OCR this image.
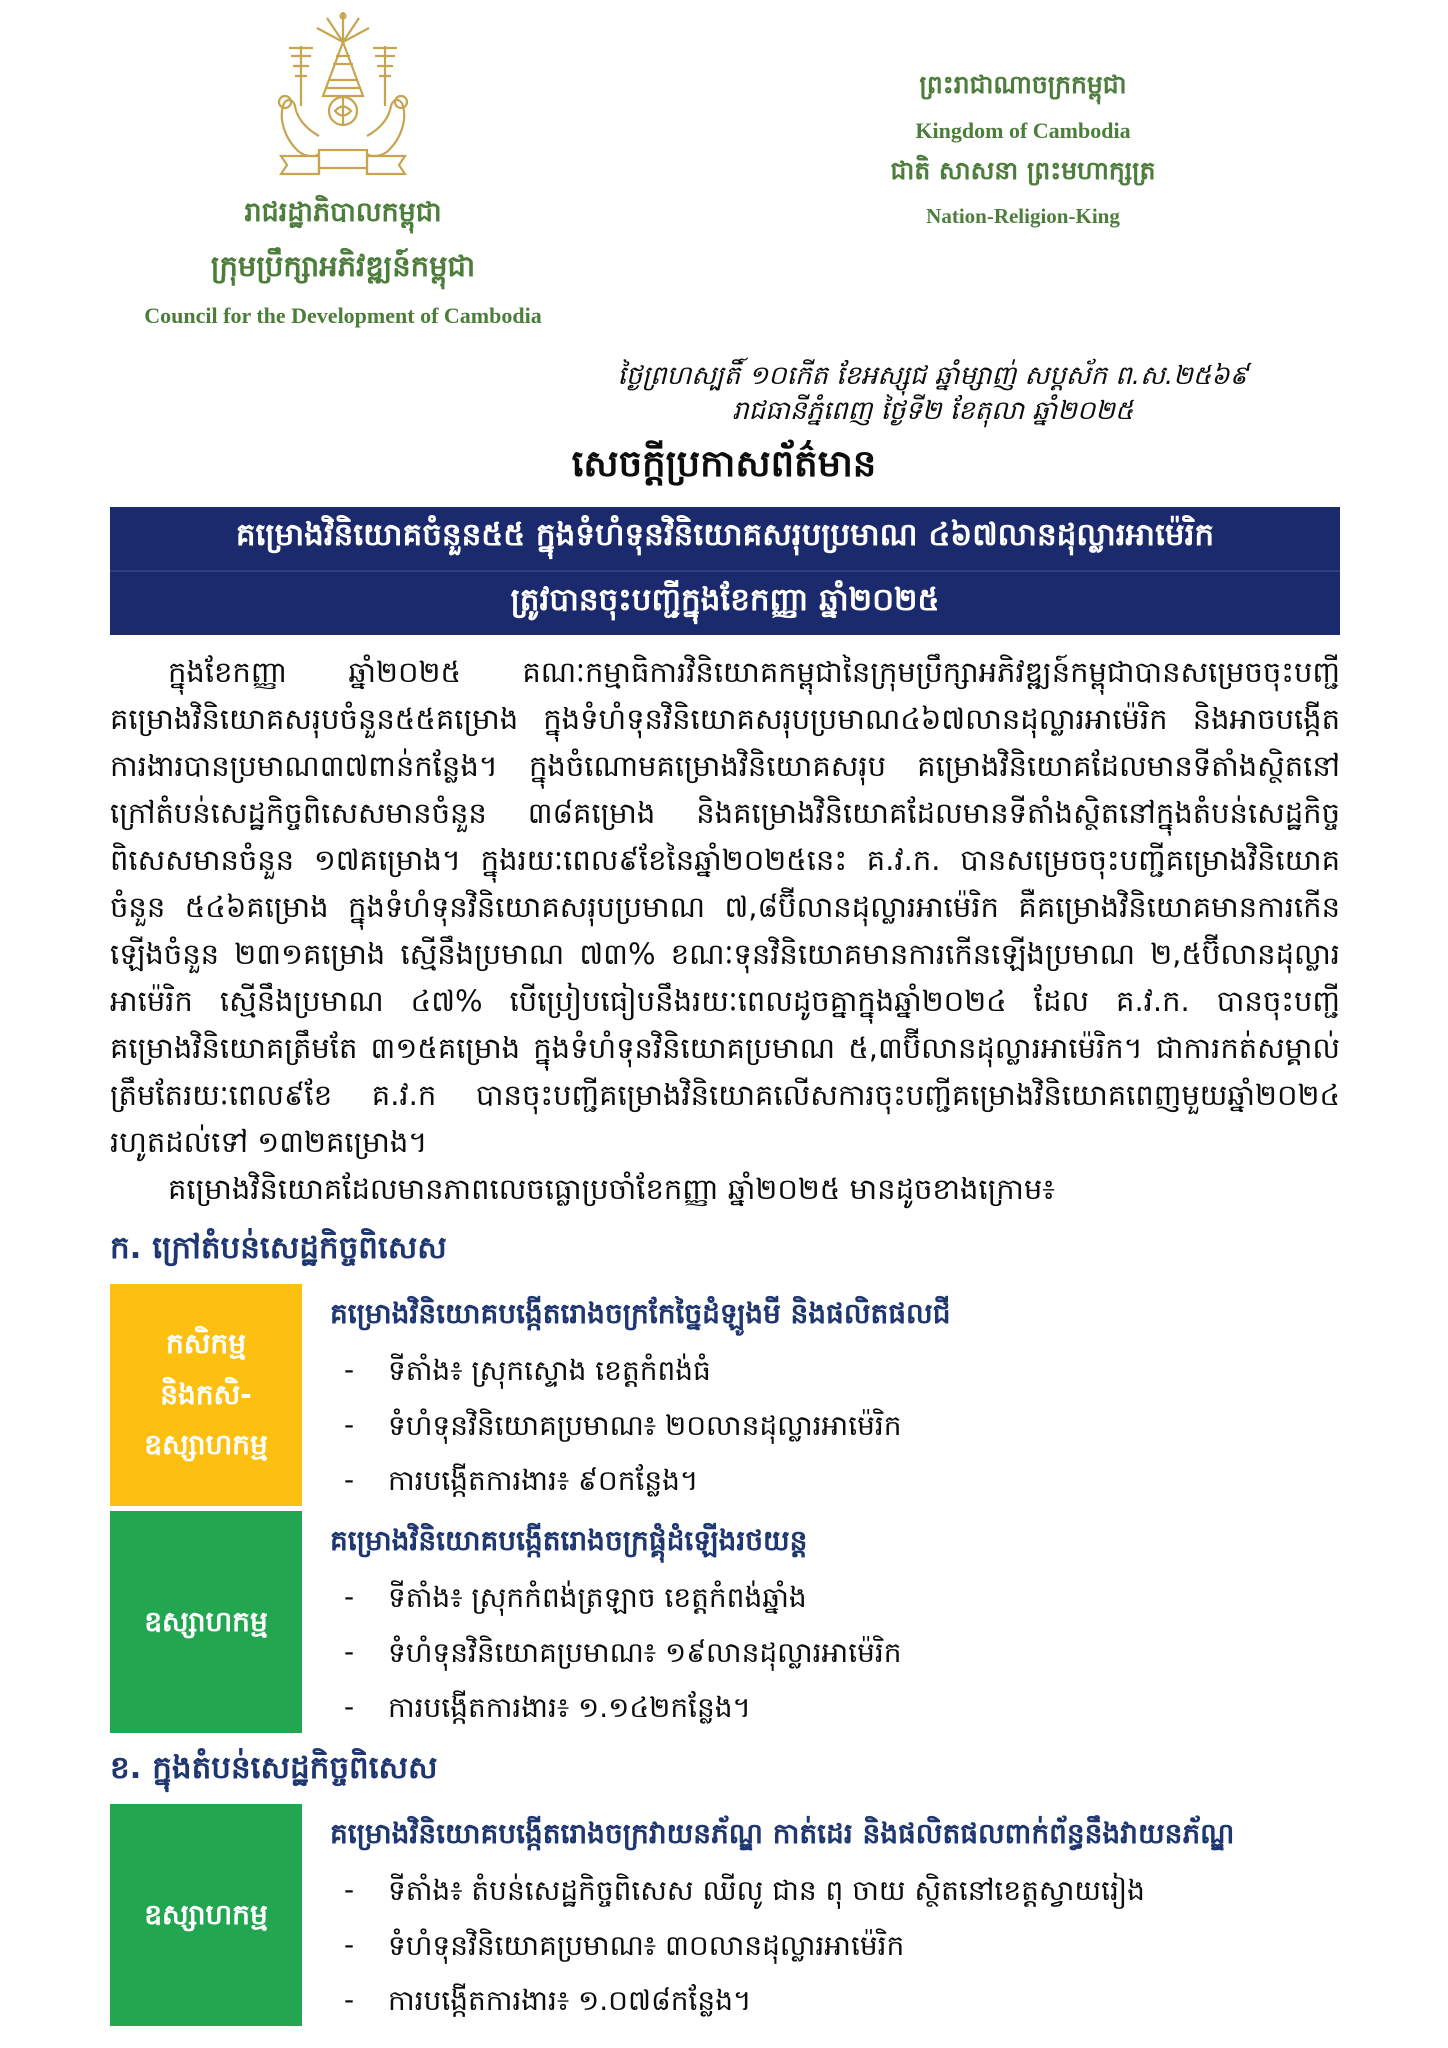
រាជរដ្ឋាភិបាលកម្ពុជា
ក្រុមប្រឹក្សាអភិវឌ្ឍន៍កម្ពុជា
Council for the Development of Cambodia
ព្រះរាជាណាចក្រកម្ពុជា
Kingdom of Cambodia
ជាតិ សាសនា ព្រះមហាក្សត្រ
Nation-Religion-King
ថ្ងៃព្រហស្បតិ៍ ១០កើត ខែអស្សុជ ឆ្នាំម្សាញ់ សប្តស័ក ព.ស.២៥៦៩
រាជធានីភ្នំពេញ ថ្ងៃទី២ ខែតុលា ឆ្នាំ២០២៥
សេចក្តីប្រកាសព័ត៌មាន
គម្រោងវិនិយោគចំនួន៥៥ ក្នុងទំហំទុនវិនិយោគសរុបប្រមាណ ៤៦៧លានដុល្លារអាម៉េរិក
ត្រូវបានចុះបញ្ជីក្នុងខែកញ្ញា ឆ្នាំ២០២៥

ក្នុងខែកញ្ញា ឆ្នាំ២០២៥ គណៈកម្មាធិការវិនិយោគកម្ពុជានៃក្រុមប្រឹក្សាអភិវឌ្ឍន៍កម្ពុជាបានសម្រេចចុះបញ្ជីគម្រោងវិនិយោគសរុបចំនួន៥៥គម្រោង ក្នុងទំហំទុនវិនិយោគសរុបប្រមាណ៤៦៧លានដុល្លារអាម៉េរិក និងអាចបង្កើតការងារបានប្រមាណ៣៧ពាន់កន្លែង។ ក្នុងចំណោមគម្រោងវិនិយោគសរុប គម្រោងវិនិយោគដែលមានទីតាំងស្ថិតនៅក្រៅតំបន់សេដ្ឋកិច្ចពិសេសមានចំនួន ៣៨គម្រោង និងគម្រោងវិនិយោគដែលមានទីតាំងស្ថិតនៅក្នុងតំបន់សេដ្ឋកិច្ចពិសេសមានចំនួន ១៧គម្រោង។ ក្នុងរយៈពេល៩ខែនៃឆ្នាំ២០២៥នេះ គ.វ.ក. បានសម្រេចចុះបញ្ជីគម្រោងវិនិយោគចំនួន ៥៤៦គម្រោង ក្នុងទំហំទុនវិនិយោគសរុបប្រមាណ ៧,៨ប៊ីលានដុល្លារអាម៉េរិក គឺគម្រោងវិនិយោគមានការកើនឡើងចំនួន ២៣១គម្រោង ស្មើនឹងប្រមាណ ៧៣% ខណៈទុនវិនិយោគមានការកើនឡើងប្រមាណ ២,៥ប៊ីលានដុល្លារអាម៉េរិក ស្មើនឹងប្រមាណ ៤៧% បើប្រៀបធៀបនឹងរយៈពេលដូចគ្នាក្នុងឆ្នាំ២០២៤ ដែល គ.វ.ក. បានចុះបញ្ជីគម្រោងវិនិយោគត្រឹមតែ ៣១៥គម្រោង ក្នុងទំហំទុនវិនិយោគប្រមាណ ៥,៣ប៊ីលានដុល្លារអាម៉េរិក។ ជាការកត់សម្គាល់ ត្រឹមតែរយៈពេល៩ខែ គ.វ.ក បានចុះបញ្ជីគម្រោងវិនិយោគលើសការចុះបញ្ជីគម្រោងវិនិយោគពេញមួយឆ្នាំ២០២៤ រហូតដល់ទៅ ១៣២គម្រោង។

គម្រោងវិនិយោគដែលមានភាពលេចធ្លោប្រចាំខែកញ្ញា ឆ្នាំ២០២៥ មានដូចខាងក្រោម៖
ក. ក្រៅតំបន់សេដ្ឋកិច្ចពិសេស
កសិកម្ម និងកសិ-ឧស្សាហកម្ម
គម្រោងវិនិយោគបង្កើតរោងចក្រកែច្នៃដំឡូងមី និងផលិតផលជី
-	ទីតាំង៖ ស្រុកស្ទោង ខេត្តកំពង់ធំ
-	ទំហំទុនវិនិយោគប្រមាណ៖ ២០លានដុល្លារអាម៉េរិក
-	ការបង្កើតការងារ៖ ៩០កន្លែង។
ឧស្សាហកម្ម
គម្រោងវិនិយោគបង្កើតរោងចក្រផ្គុំដំឡើងរថយន្ត
-	ទីតាំង៖ ស្រុកកំពង់ត្រឡាច ខេត្តកំពង់ឆ្នាំង
-	ទំហំទុនវិនិយោគប្រមាណ៖ ១៩លានដុល្លារអាម៉េរិក
-	ការបង្កើតការងារ៖ ១.១៤២កន្លែង។
ខ. ក្នុងតំបន់សេដ្ឋកិច្ចពិសេស
ឧស្សាហកម្ម
គម្រោងវិនិយោគបង្កើតរោងចក្រវាយនភ័ណ្ឌ កាត់ដេរ និងផលិតផលពាក់ព័ន្ធនឹងវាយនភ័ណ្ឌ
-	ទីតាំង៖ តំបន់សេដ្ឋកិច្ចពិសេស ឈីលូ ជាន ពុ ចាយ ស្ថិតនៅខេត្តស្វាយរៀង
-	ទំហំទុនវិនិយោគប្រមាណ៖ ៣០លានដុល្លារអាម៉េរិក
-	ការបង្កើតការងារ៖ ១.០៧៨កន្លែង។
